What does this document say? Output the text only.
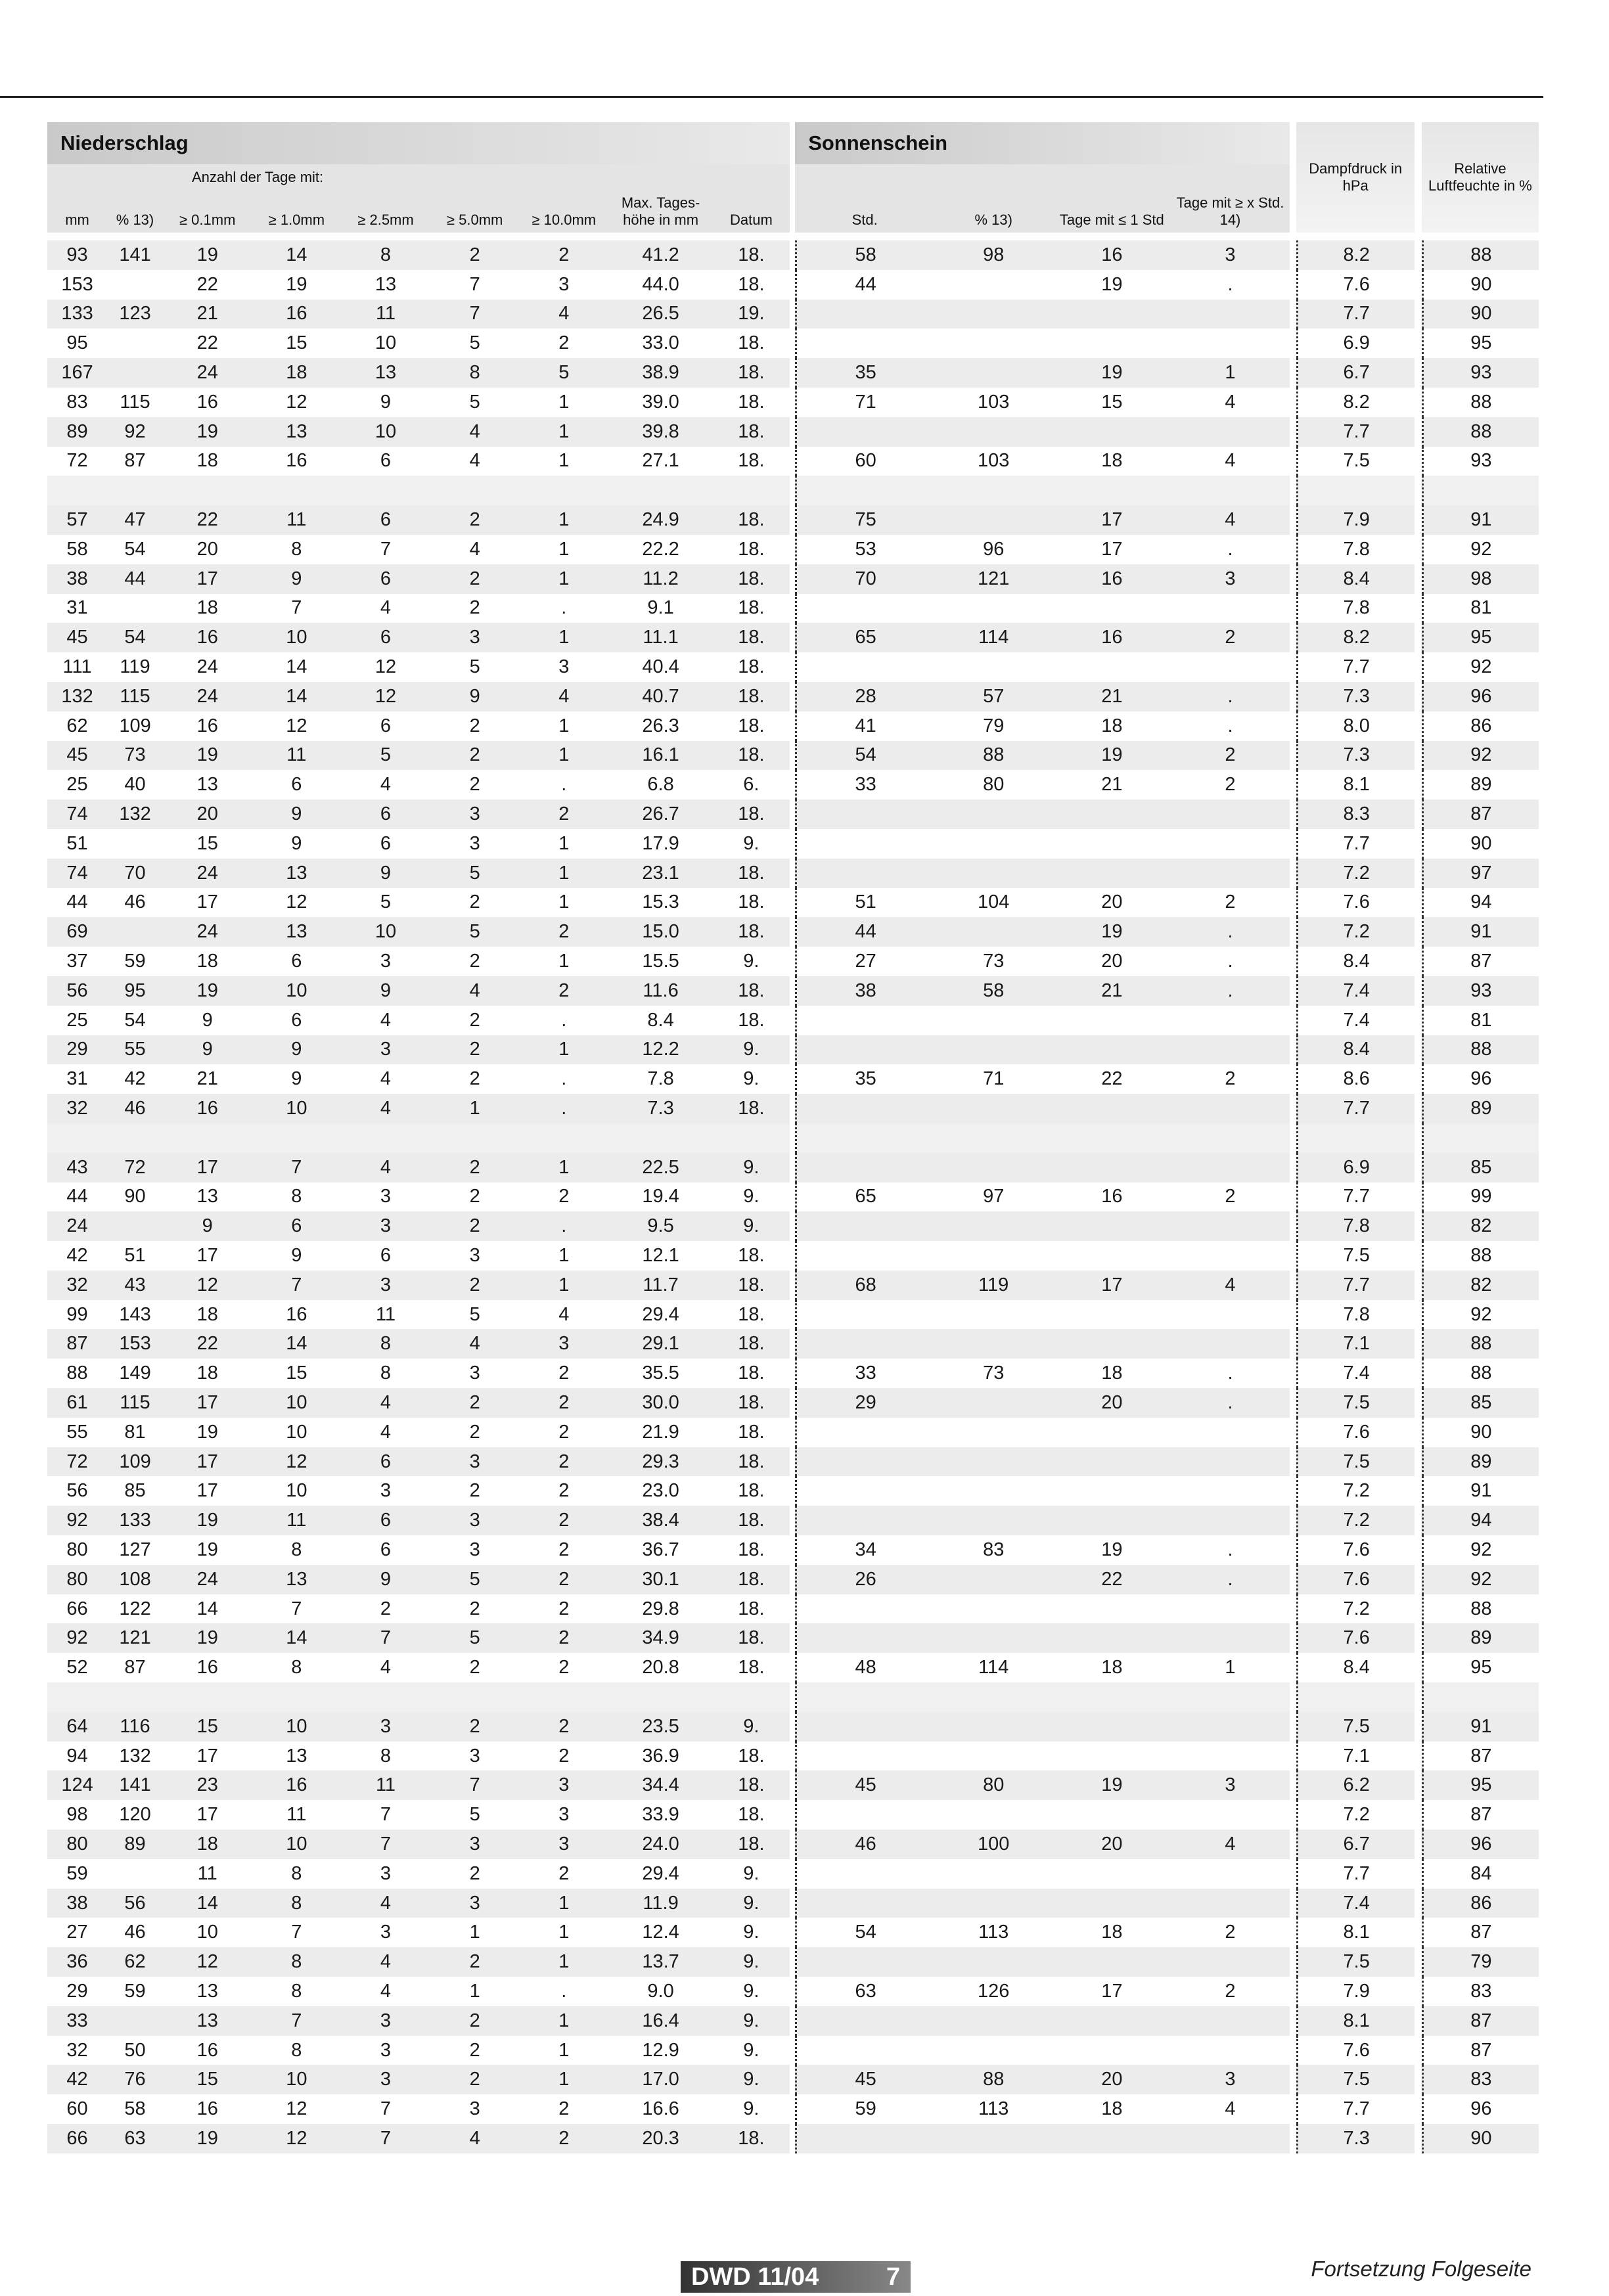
Niederschlag										Sonnenschein					Dampfdruck in hPa		Relative Luftfeuchte in %
Anzahl der Tage mit:																	
mm	% 13)	≥ 0.1mm	≥ 1.0mm	≥ 2.5mm	≥ 5.0mm	≥ 10.0mm	Max. Tages- höhe in mm	Datum		Std.	% 13)	Tage mit ≤ 1 Std	Tage mit ≥ x Std. 14)				

93	141	19	14	8	2	2	41.2	18.		58	98	16	3		8.2		88
153		22	19	13	7	3	44.0	18.		44		19	.		7.6		90
133	123	21	16	11	7	4	26.5	19.							7.7		90
95		22	15	10	5	2	33.0	18.							6.9		95
167		24	18	13	8	5	38.9	18.		35		19	1		6.7		93
83	115	16	12	9	5	1	39.0	18.		71	103	15	4		8.2		88
89	92	19	13	10	4	1	39.8	18.							7.7		88
72	87	18	16	6	4	1	27.1	18.		60	103	18	4		7.5		93

57	47	22	11	6	2	1	24.9	18.		75		17	4		7.9		91
58	54	20	8	7	4	1	22.2	18.		53	96	17	.		7.8		92
38	44	17	9	6	2	1	11.2	18.		70	121	16	3		8.4		98
31		18	7	4	2	.	9.1	18.							7.8		81
45	54	16	10	6	3	1	11.1	18.		65	114	16	2		8.2		95
111	119	24	14	12	5	3	40.4	18.							7.7		92
132	115	24	14	12	9	4	40.7	18.		28	57	21	.		7.3		96
62	109	16	12	6	2	1	26.3	18.		41	79	18	.		8.0		86
45	73	19	11	5	2	1	16.1	18.		54	88	19	2		7.3		92
25	40	13	6	4	2	.	6.8	6.		33	80	21	2		8.1		89
74	132	20	9	6	3	2	26.7	18.							8.3		87
51		15	9	6	3	1	17.9	9.							7.7		90
74	70	24	13	9	5	1	23.1	18.							7.2		97
44	46	17	12	5	2	1	15.3	18.		51	104	20	2		7.6		94
69		24	13	10	5	2	15.0	18.		44		19	.		7.2		91
37	59	18	6	3	2	1	15.5	9.		27	73	20	.		8.4		87
56	95	19	10	9	4	2	11.6	18.		38	58	21	.		7.4		93
25	54	9	6	4	2	.	8.4	18.							7.4		81
29	55	9	9	3	2	1	12.2	9.							8.4		88
31	42	21	9	4	2	.	7.8	9.		35	71	22	2		8.6		96
32	46	16	10	4	1	.	7.3	18.							7.7		89

43	72	17	7	4	2	1	22.5	9.							6.9		85
44	90	13	8	3	2	2	19.4	9.		65	97	16	2		7.7		99
24		9	6	3	2	.	9.5	9.							7.8		82
42	51	17	9	6	3	1	12.1	18.							7.5		88
32	43	12	7	3	2	1	11.7	18.		68	119	17	4		7.7		82
99	143	18	16	11	5	4	29.4	18.							7.8		92
87	153	22	14	8	4	3	29.1	18.							7.1		88
88	149	18	15	8	3	2	35.5	18.		33	73	18	.		7.4		88
61	115	17	10	4	2	2	30.0	18.		29		20	.		7.5		85
55	81	19	10	4	2	2	21.9	18.							7.6		90
72	109	17	12	6	3	2	29.3	18.							7.5		89
56	85	17	10	3	2	2	23.0	18.							7.2		91
92	133	19	11	6	3	2	38.4	18.							7.2		94
80	127	19	8	6	3	2	36.7	18.		34	83	19	.		7.6		92
80	108	24	13	9	5	2	30.1	18.		26		22	.		7.6		92
66	122	14	7	2	2	2	29.8	18.							7.2		88
92	121	19	14	7	5	2	34.9	18.							7.6		89
52	87	16	8	4	2	2	20.8	18.		48	114	18	1		8.4		95

64	116	15	10	3	2	2	23.5	9.							7.5		91
94	132	17	13	8	3	2	36.9	18.							7.1		87
124	141	23	16	11	7	3	34.4	18.		45	80	19	3		6.2		95
98	120	17	11	7	5	3	33.9	18.							7.2		87
80	89	18	10	7	3	3	24.0	18.		46	100	20	4		6.7		96
59		11	8	3	2	2	29.4	9.							7.7		84
38	56	14	8	4	3	1	11.9	9.							7.4		86
27	46	10	7	3	1	1	12.4	9.		54	113	18	2		8.1		87
36	62	12	8	4	2	1	13.7	9.							7.5		79
29	59	13	8	4	1	.	9.0	9.		63	126	17	2		7.9		83
33		13	7	3	2	1	16.4	9.							8.1		87
32	50	16	8	3	2	1	12.9	9.							7.6		87
42	76	15	10	3	2	1	17.0	9.		45	88	20	3		7.5		83
60	58	16	12	7	3	2	16.6	9.		59	113	18	4		7.7		96
66	63	19	12	7	4	2	20.3	18.							7.3		90
DWD 11/04	7	Fortsetzung Folgeseite
